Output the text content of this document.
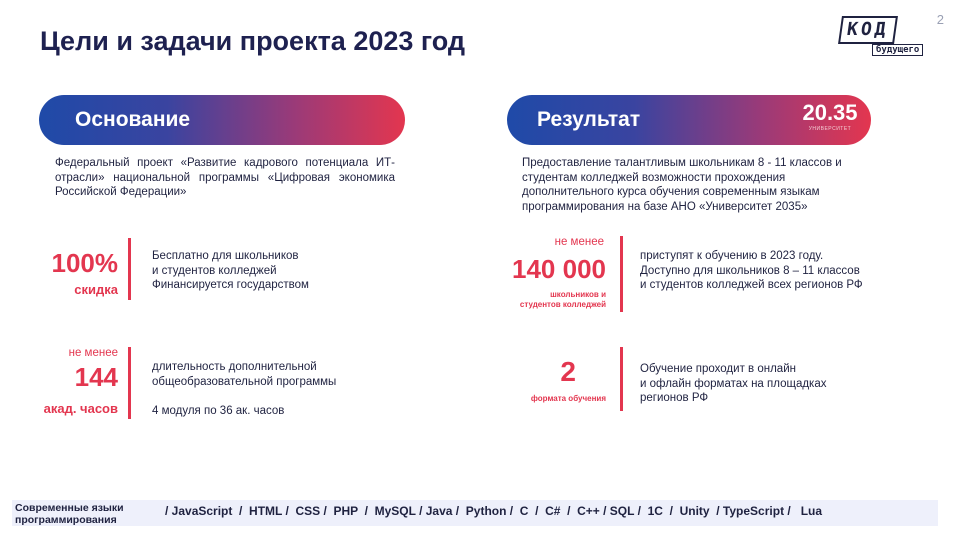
Цели и задачи проекта 2023 год
2
КОД
будущего
Основание
Федеральный проект «Развитие кадрового потенциала ИТ- отрасли» национальной программы «Цифровая экономика Российской Федерации»
100%
скидка
Бесплатно для школьников
и студентов колледжей
Финансируется государством
не менее
144
акад. часов
длительность дополнительной
общеобразовательной программы
4 модуля по 36 ак. часов
Результат	20.35
УНИВЕРСИТЕТ
Предоставление талантливым школьникам 8 - 11 классов и студентам колледжей возможности прохождения дополнительного курса обучения современным языкам программирования на базе АНО «Университет 2035»
не менее
140 000
школьников и
студентов колледжей
приступят к обучению в 2023 году.
Доступно для школьников 8 – 11 классов
и студентов колледжей всех регионов РФ
2
формата обучения
Обучение проходит в онлайн
и офлайн форматах на площадках
регионов РФ
Современные языки
программирования
/ JavaScript  /  HTML /  CSS /  PHP  /  MySQL / Java /  Python /  C  /  C#  /  C++ / SQL /  1C  /  Unity  / TypeScript /   Lua
